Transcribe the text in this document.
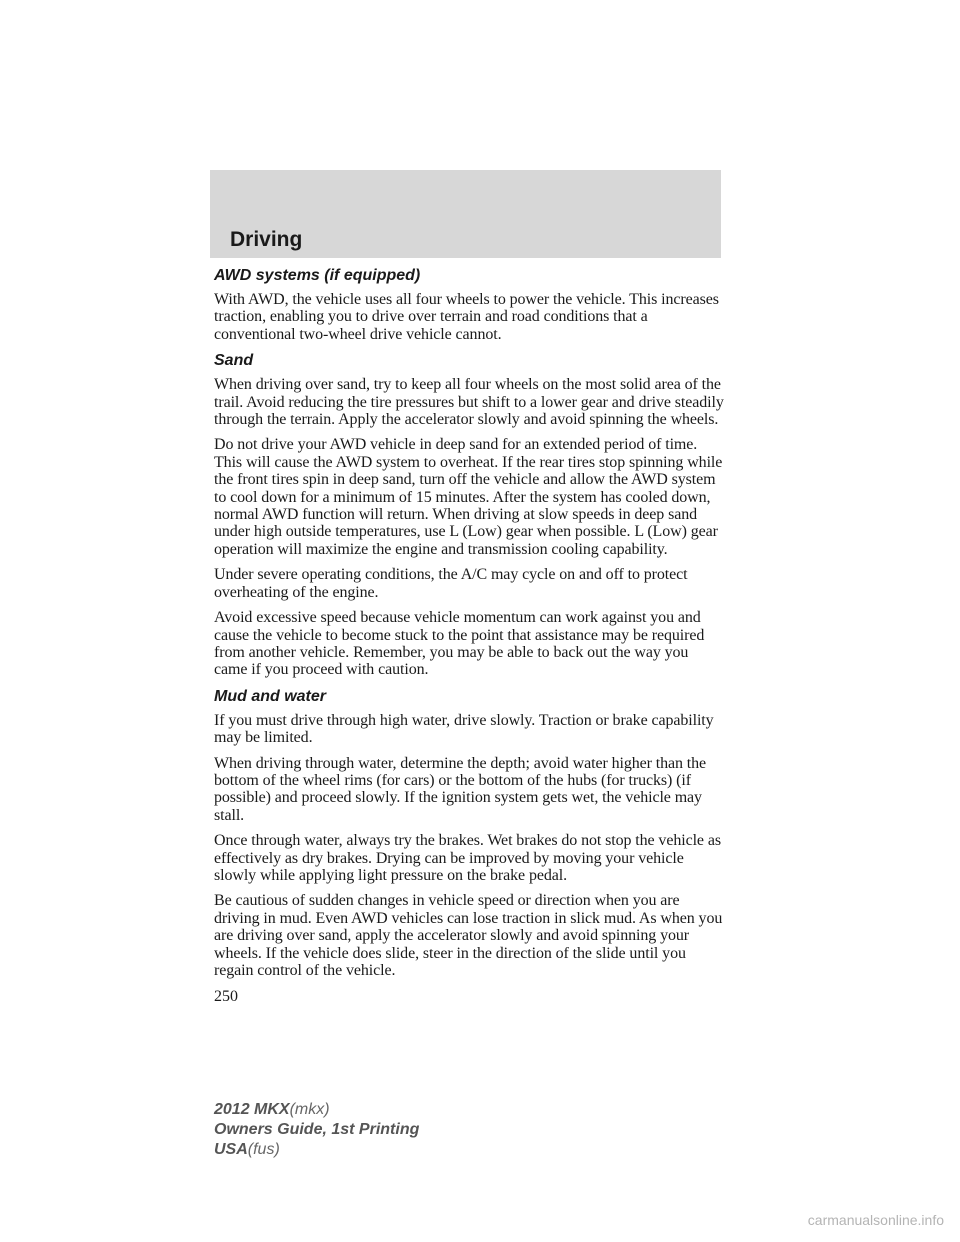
Driving
AWD systems (if equipped)

With AWD, the vehicle uses all four wheels to power the vehicle. This increases traction, enabling you to drive over terrain and road conditions that a conventional two-wheel drive vehicle cannot.

Sand

When driving over sand, try to keep all four wheels on the most solid area of the trail. Avoid reducing the tire pressures but shift to a lower gear and drive steadily through the terrain. Apply the accelerator slowly and avoid spinning the wheels.

Do not drive your AWD vehicle in deep sand for an extended period of time. This will cause the AWD system to overheat. If the rear tires stop spinning while the front tires spin in deep sand, turn off the vehicle and allow the AWD system to cool down for a minimum of 15 minutes. After the system has cooled down, normal AWD function will return. When driving at slow speeds in deep sand under high outside temperatures, use L (Low) gear when possible. L (Low) gear operation will maximize the engine and transmission cooling capability.

Under severe operating conditions, the A/C may cycle on and off to protect overheating of the engine.

Avoid excessive speed because vehicle momentum can work against you and cause the vehicle to become stuck to the point that assistance may be required from another vehicle. Remember, you may be able to back out the way you came if you proceed with caution.

Mud and water

If you must drive through high water, drive slowly. Traction or brake capability may be limited.

When driving through water, determine the depth; avoid water higher than the bottom of the wheel rims (for cars) or the bottom of the hubs (for trucks) (if possible) and proceed slowly. If the ignition system gets wet, the vehicle may stall.

Once through water, always try the brakes. Wet brakes do not stop the vehicle as effectively as dry brakes. Drying can be improved by moving your vehicle slowly while applying light pressure on the brake pedal.

Be cautious of sudden changes in vehicle speed or direction when you are driving in mud. Even AWD vehicles can lose traction in slick mud. As when you are driving over sand, apply the accelerator slowly and avoid spinning your wheels. If the vehicle does slide, steer in the direction of the slide until you regain control of the vehicle.

250

2012 MKX(mkx)

Owners Guide, 1st Printing

USA(fus)

carmanualsonline.info
